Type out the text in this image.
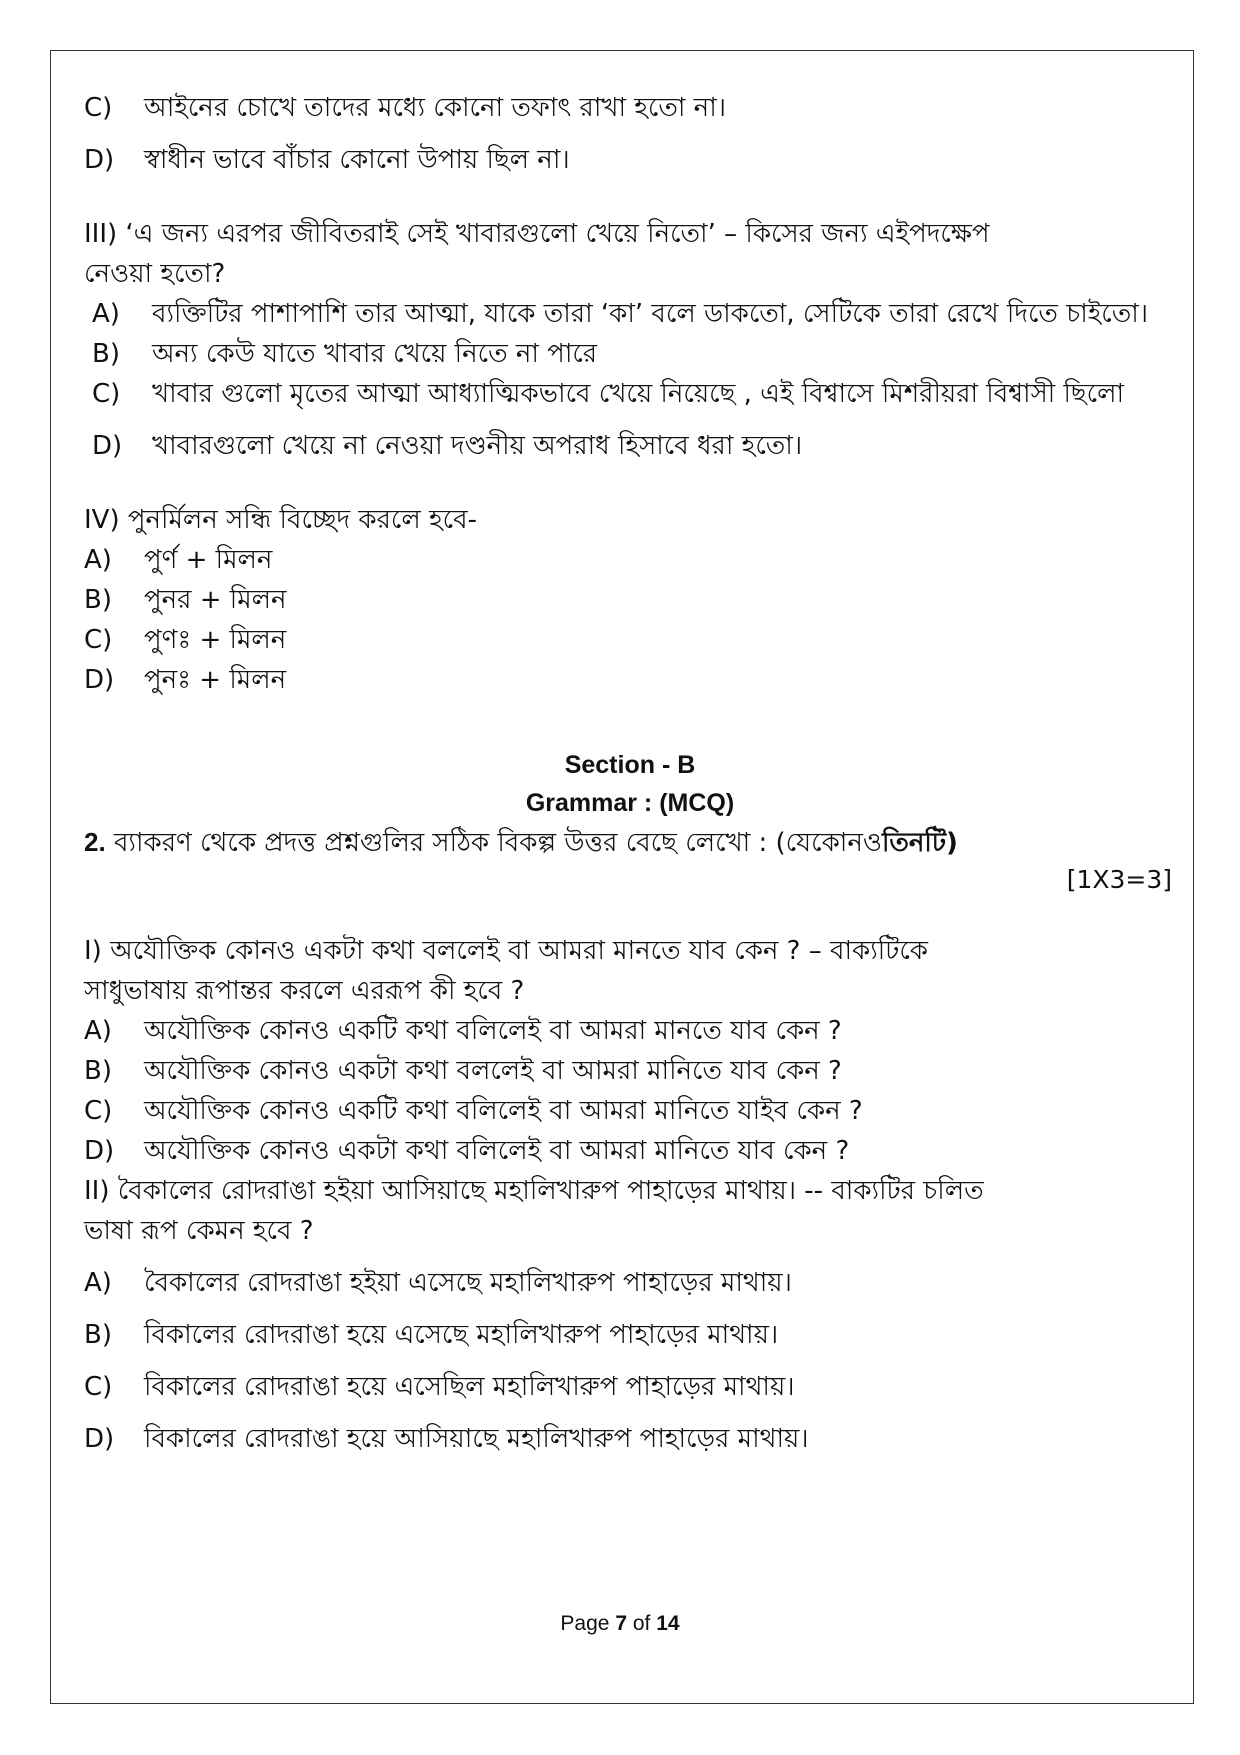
C)	আইনের চোখে তাদের মধ্যে কোনো তফাৎ রাখা হতো না।
D)	স্বাধীন ভাবে বাঁচার কোনো উপায় ছিল না।
III) ‘এ জন্য এরপর জীবিতরাই সেই খাবারগুলো খেয়ে নিতো’ – কিসের জন্য এইপদক্ষেপ
নেওয়া হতো?
A)	ব্যক্তিটির পাশাপাশি তার আত্মা, যাকে তারা ‘কা’ বলে ডাকতো, সেটিকে তারা রেখে দিতে চাইতো।
B)	অন্য কেউ যাতে খাবার খেয়ে নিতে না পারে
C)	খাবার গুলো মৃতের আত্মা আধ্যাত্মিকভাবে খেয়ে নিয়েছে , এই বিশ্বাসে মিশরীয়রা বিশ্বাসী ছিলো
D)	খাবারগুলো খেয়ে না নেওয়া দণ্ডনীয় অপরাধ হিসাবে ধরা হতো।
IV) পুনর্মিলন সন্ধি বিচ্ছেদ করলে হবে-
A)	পুর্ণ + মিলন
B)	পুনর + মিলন
C)	পুণঃ + মিলন
D)	পুনঃ + মিলন
Section - B
Grammar : (MCQ)
2. ব্যাকরণ থেকে প্রদত্ত প্রশ্নগুলির সঠিক বিকল্প উত্তর বেছে লেখো : (যেকোনওতিনটি)
[1X3=3]
I) অযৌক্তিক কোনও একটা কথা বললেই বা আমরা মানতে যাব কেন ? – বাক্যটিকে
সাধুভাষায় রূপান্তর করলে এররূপ কী হবে ?
A)	অযৌক্তিক কোনও একটি কথা বলিলেই বা আমরা মানতে যাব কেন ?
B)	অযৌক্তিক কোনও একটা কথা বললেই বা আমরা মানিতে যাব কেন ?
C)	অযৌক্তিক কোনও একটি কথা বলিলেই বা আমরা মানিতে যাইব কেন ?
D)	অযৌক্তিক কোনও একটা কথা বলিলেই বা আমরা মানিতে যাব কেন ?
II) বৈকালের রোদরাঙা হইয়া আসিয়াছে মহালিখারুপ পাহাড়ের মাথায়। -- বাক্যটির চলিত
ভাষা রূপ কেমন হবে ?
A)	বৈকালের রোদরাঙা হইয়া এসেছে মহালিখারুপ পাহাড়ের মাথায়।
B)	বিকালের রোদরাঙা হয়ে এসেছে মহালিখারুপ পাহাড়ের মাথায়।
C)	বিকালের রোদরাঙা হয়ে এসেছিল মহালিখারুপ পাহাড়ের মাথায়।
D)	বিকালের রোদরাঙা হয়ে আসিয়াছে মহালিখারুপ পাহাড়ের মাথায়।
Page 7 of 14
